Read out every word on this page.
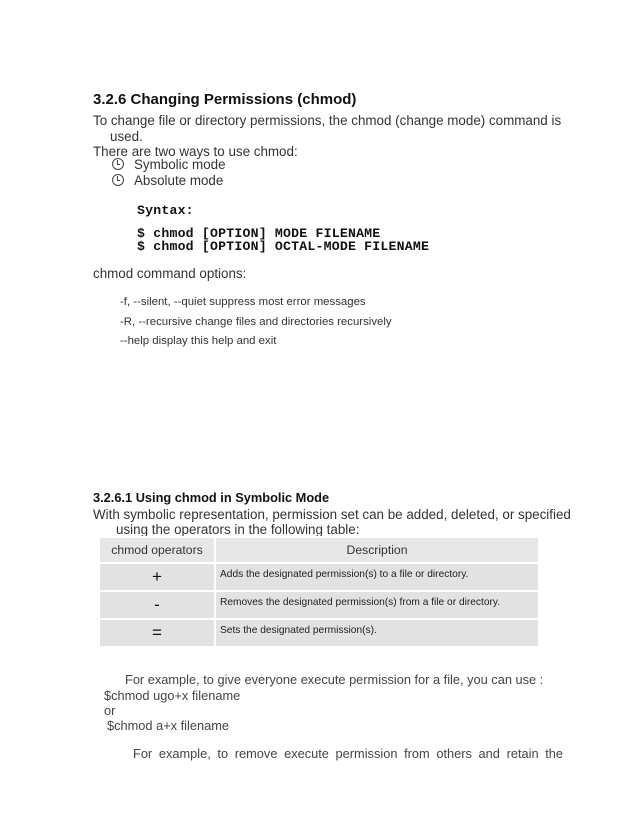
3.2.6 Changing Permissions (chmod)
To change file or directory permissions, the chmod (change mode) command is
used.
There are two ways to use chmod:
Symbolic mode
Absolute mode
Syntax:
$ chmod [OPTION] MODE FILENAME
$ chmod [OPTION] OCTAL-MODE FILENAME
chmod command options:
-f, --silent, --quiet suppress most error messages
-R, --recursive change files and directories recursively
--help display this help and exit
3.2.6.1 Using chmod in Symbolic Mode
With symbolic representation, permission set can be added, deleted, or specified
using the operators in the following table:
chmod operators	Description
+	Adds the designated permission(s) to a file or directory.
-	Removes the designated permission(s) from a file or directory.
=	Sets the designated permission(s).
For example, to give everyone execute permission for a file, you can use :
$chmod ugo+x filename
or
$chmod a+x filename
For example, to remove execute permission from others and retain the
